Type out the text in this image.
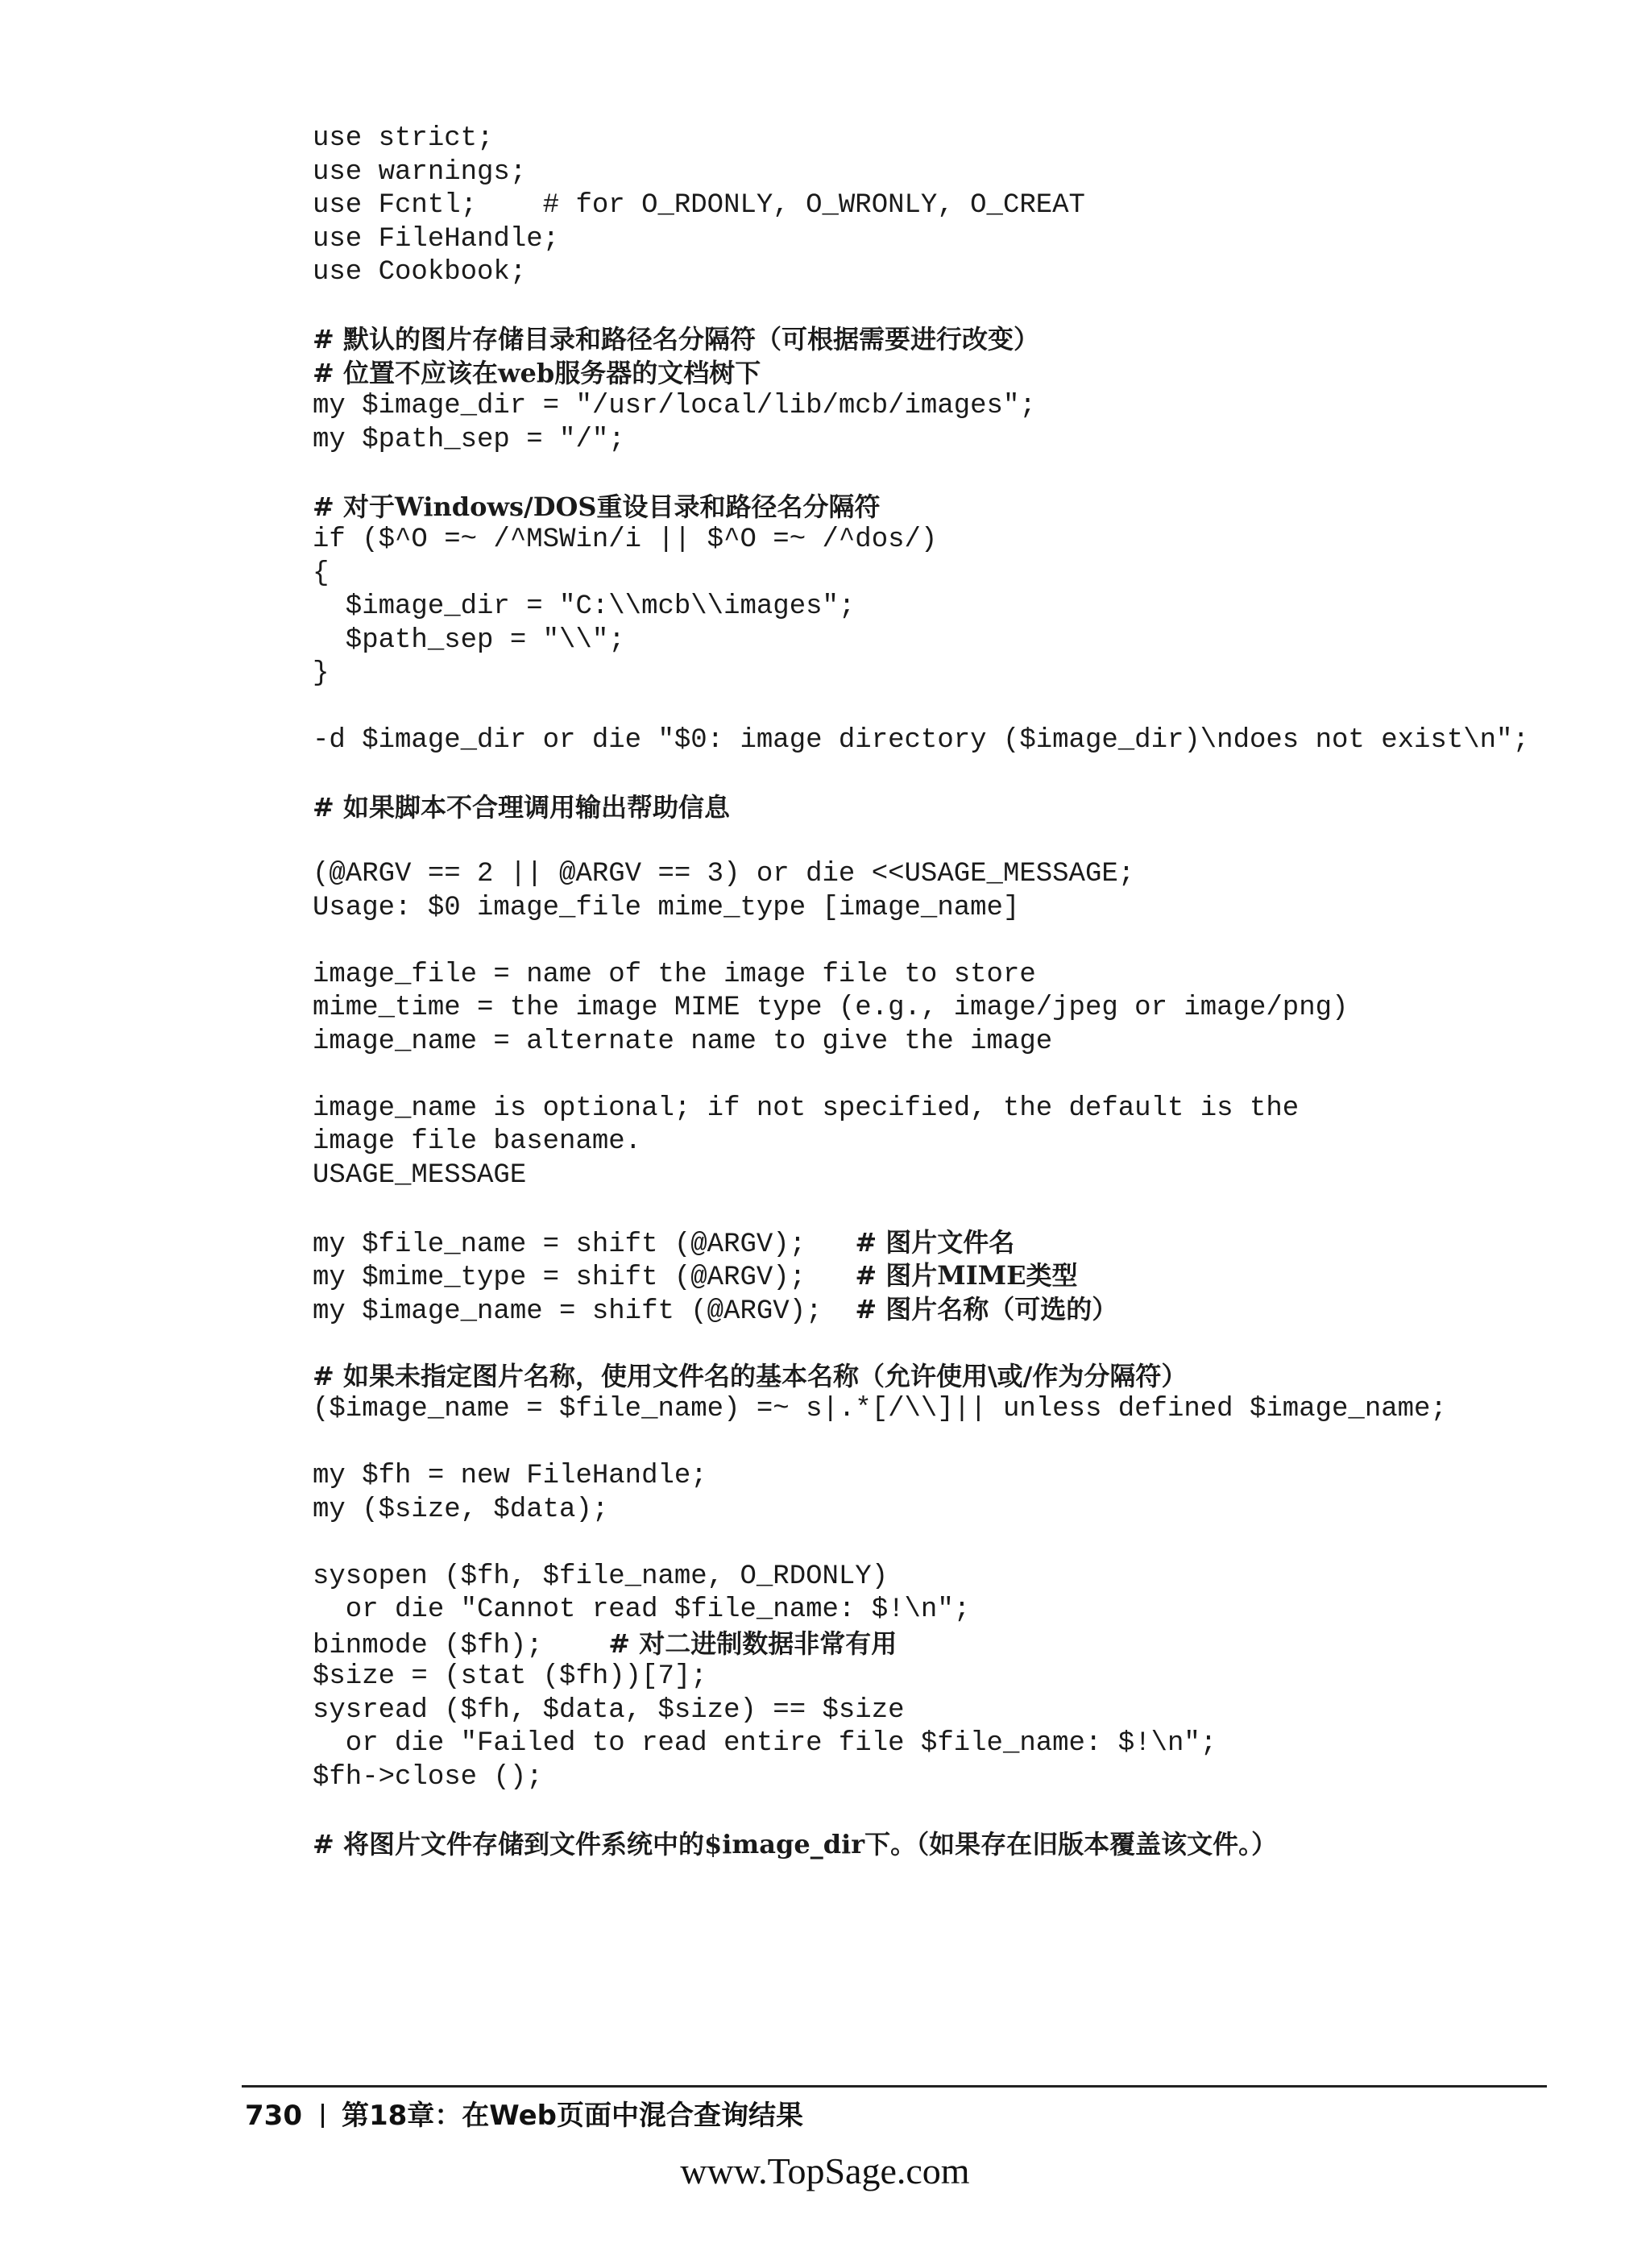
use strict;
use warnings;
use Fcntl;    # for O_RDONLY, O_WRONLY, O_CREAT
use FileHandle;
use Cookbook;
# 默认的图片存储目录和路径名分隔符（可根据需要进行改变）
# 位置不应该在web服务器的文档树下
my $image_dir = "/usr/local/lib/mcb/images";
my $path_sep = "/";
# 对于Windows/DOS重设目录和路径名分隔符
if ($^O =~ /^MSWin/i || $^O =~ /^dos/)
{
$image_dir = "C:\\mcb\\images";
$path_sep = "\\";
}
-d $image_dir or die "$0: image directory ($image_dir)\ndoes not exist\n";
# 如果脚本不合理调用输出帮助信息
(@ARGV == 2 || @ARGV == 3) or die <<USAGE_MESSAGE;
Usage: $0 image_file mime_type [image_name]
image_file = name of the image file to store
mime_time = the image MIME type (e.g., image/jpeg or image/png)
image_name = alternate name to give the image
image_name is optional; if not specified, the default is the
image file basename.
USAGE_MESSAGE
my $file_name = shift (@ARGV);   # 图片文件名
my $mime_type = shift (@ARGV);   # 图片MIME类型
my $image_name = shift (@ARGV);  # 图片名称（可选的）
# 如果未指定图片名称，使用文件名的基本名称（允许使用\或/作为分隔符）
($image_name = $file_name) =~ s|.*[/\\]|| unless defined $image_name;
my $fh = new FileHandle;
my ($size, $data);
sysopen ($fh, $file_name, O_RDONLY)
or die "Cannot read $file_name: $!\n";
binmode ($fh);    # 对二进制数据非常有用
$size = (stat ($fh))[7];
sysread ($fh, $data, $size) == $size
or die "Failed to read entire file $file_name: $!\n";
$fh->close ();
# 将图片文件存储到文件系统中的$image_dir下。（如果存在旧版本覆盖该文件。）
730 第18章：在Web页面中混合查询结果
www.TopSage.com
